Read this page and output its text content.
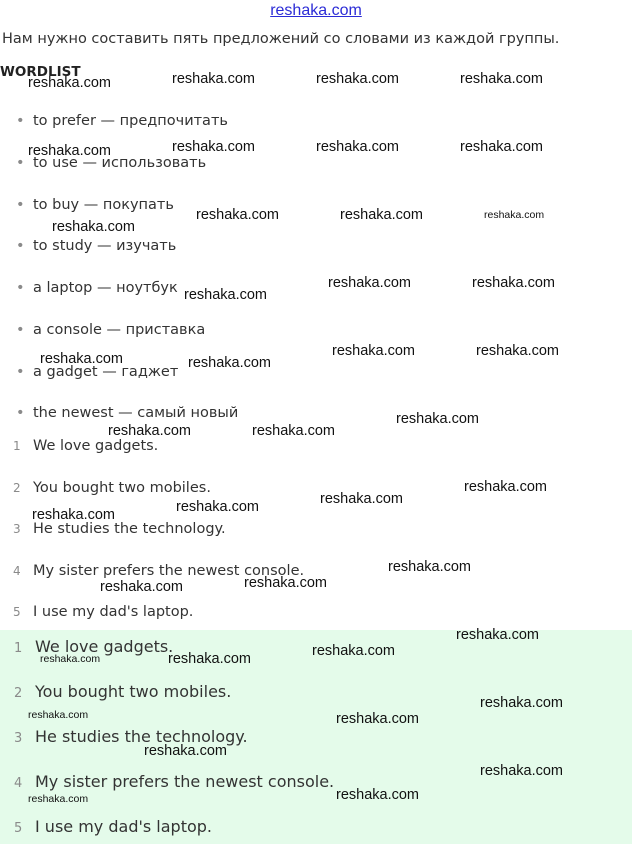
reshaka.com
Нам нужно составить пять предложений со словами из каждой группы.
WORDLIST
• to prefer — предпочитать
• to use — использовать
• to buy — покупать
• to study — изучать
• a laptop — ноутбук
• a console — приставка
• a gadget — гаджет
• the newest — самый новый
1 We love gadgets.
2 You bought two mobiles.
3 He studies the technology.
4 My sister prefers the newest console.
5 I use my dad's laptop.
1 We love gadgets.
2 You bought two mobiles.
3 He studies the technology.
4 My sister prefers the newest console.
5 I use my dad's laptop.
reshaka.com	reshaka.com	reshaka.com	reshaka.com
reshaka.com	reshaka.com	reshaka.com	reshaka.com
reshaka.com	reshaka.com	reshaka.com
reshaka.com
reshaka.com	reshaka.com
reshaka.com
reshaka.com	reshaka.com
reshaka.com	reshaka.com
reshaka.com
reshaka.com	reshaka.com
reshaka.com
reshaka.com
reshaka.com
reshaka.com
reshaka.com
reshaka.com
reshaka.com
reshaka.com
reshaka.com
reshaka.com
reshaka.com
reshaka.com
reshaka.com	reshaka.com
reshaka.com
reshaka.com
reshaka.com
reshaka.com
